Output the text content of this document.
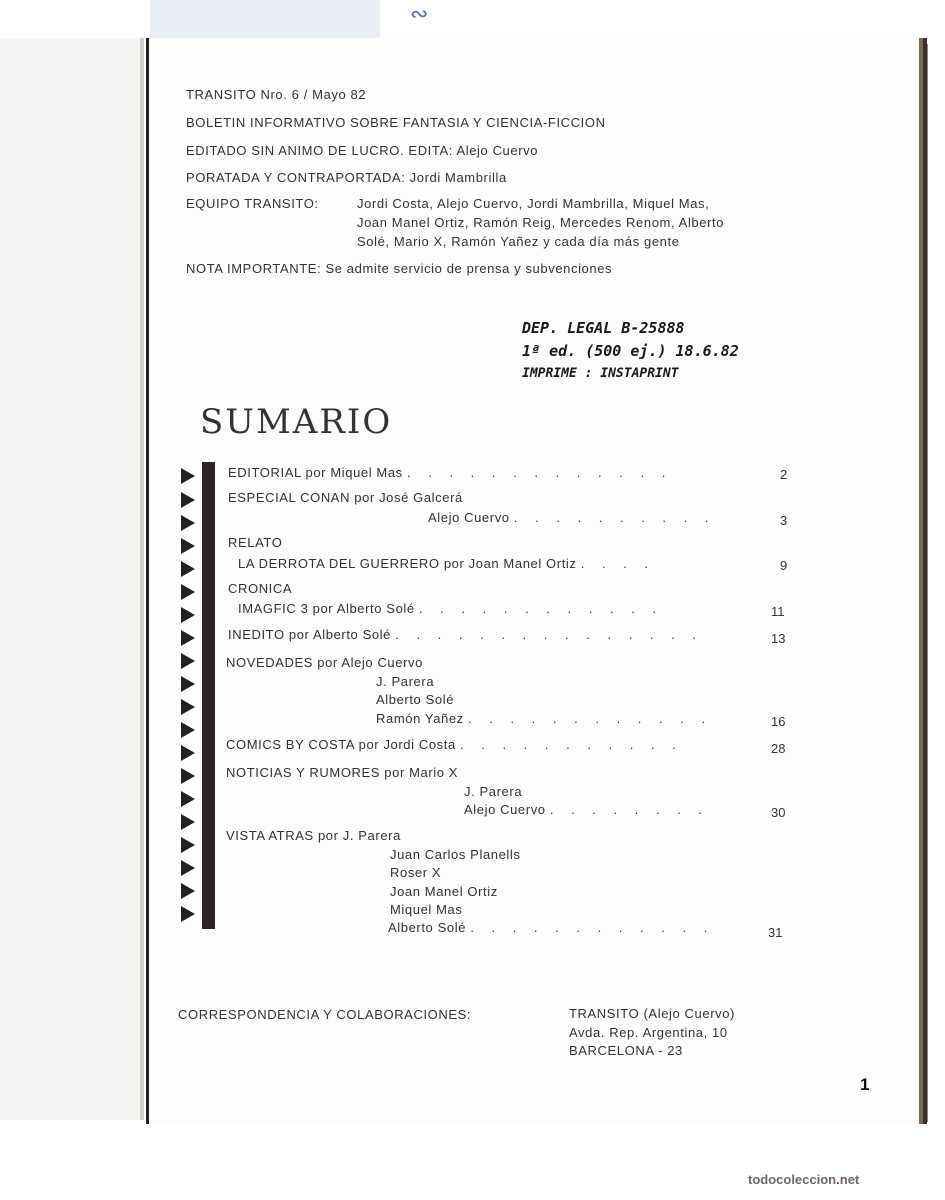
∾
TRANSITO Nro. 6 / Mayo 82
BOLETIN INFORMATIVO SOBRE FANTASIA Y CIENCIA-FICCION
EDITADO SIN ANIMO DE LUCRO. EDITA: Alejo Cuervo
PORATADA Y CONTRAPORTADA: Jordi Mambrilla
EQUIPO TRANSITO:	Jordi Costa, Alejo Cuervo, Jordi Mambrilla, Miquel Mas,
Joan Manel Ortiz, Ramón Reig, Mercedes Renom, Alberto
Solé, Mario X, Ramón Yañez y cada día más gente
NOTA IMPORTANTE: Se admite servicio de prensa y subvenciones
DEP. LEGAL B-25888
1ª ed. (500 ej.) 18.6.82
IMPRIME : INSTAPRINT
SUMARIO
EDITORIAL por Miquel Mas . . . . . . . . . . . . .	2
ESPECIAL CONAN por José Galcerá
Alejo Cuervo . . . . . . . . . .	3
RELATO
LA DERROTA DEL GUERRERO por Joan Manel Ortiz . . . .	9
CRONICA
IMAGFIC 3 por Alberto Solé . . . . . . . . . . . .	11
INEDITO por Alberto Solé . . . . . . . . . . . . . . .	13
NOVEDADES por Alejo Cuervo
J. Parera
Alberto Solé
Ramón Yañez . . . . . . . . . . . .	16
COMICS BY COSTA por Jordi Costa . . . . . . . . . . .	28
NOTICIAS Y RUMORES por Mario X
J. Parera
Alejo Cuervo . . . . . . . .	30
VISTA ATRAS por J. Parera
Juan Carlos Planells
Roser X
Joan Manel Ortiz
Miquel Mas
Alberto Solé . . . . . . . . . . . .	31
CORRESPONDENCIA Y COLABORACIONES:	TRANSITO (Alejo Cuervo)
Avda. Rep. Argentina, 10
BARCELONA - 23
1
todocoleccion.net
